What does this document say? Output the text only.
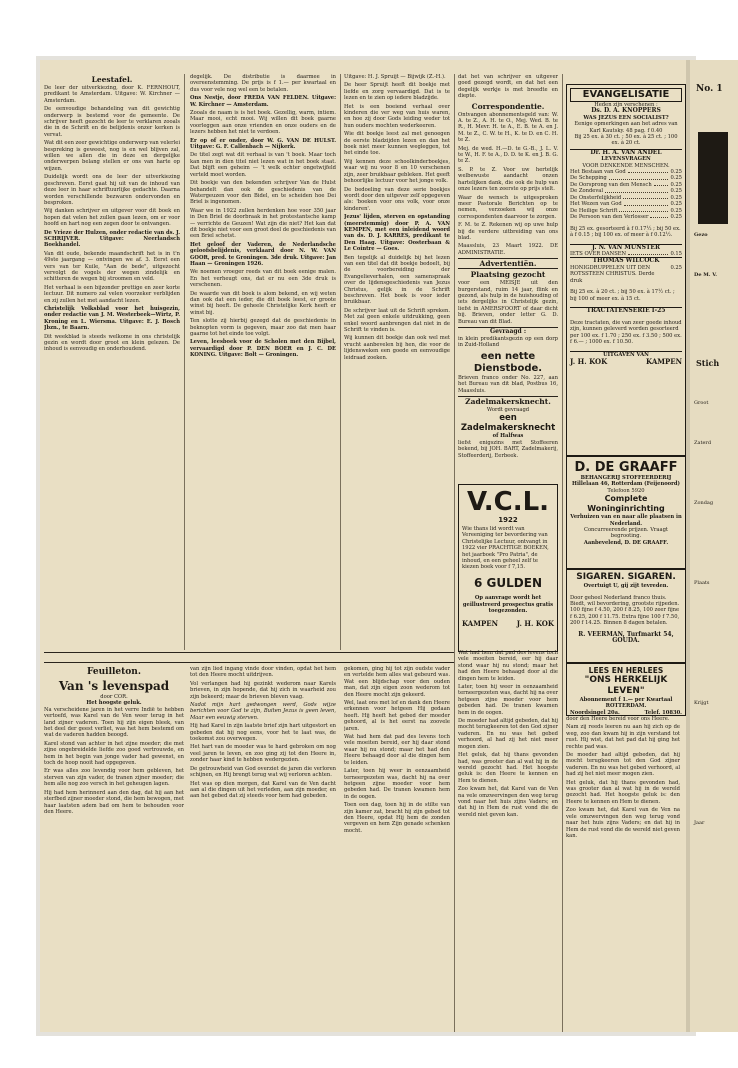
Leestafel.

De leer der uitverkiezing, door K. FERNHOUT, predikant te Amsterdam. Uitgave: W. Kirchner — Amsterdam.

De eenvoudige behandeling van dit gewichtig onderwerp is bestemd voor de gemeente. De schrijver heeft gezocht de leer te verklaren zooals die in de Schrift en de belijdenis onzer kerken is vervat.

Wat dit een zeer gewichtige onderwerp van velerlei bespreking is geweest, nog is en wel blijven zal, willen we allen die in deze en dergelijke onderwerpen belang stellen er ons van harte op wijzen.

Duidelijk wordt ons de leer der uitverkiezing geschreven. Eerst gaat hij uit van de inhoud van deze leer in haar schriftuurlijke gedachte. Daarna worden verschillende bezwaren ondervonden en besproken.

Wij danken schrijver en uitgever voor dit boek en hopen dat velen het zullen gaan lezen, om er voor hoofd en hart nog een zegen door te ontvangen.

De Vrieze der Hulzen, onder redactie van ds. J. SCHRIJVER. Uitgave: Neerlandsch Boekhandel.

Van dit oude, bekende maandschrift het is in t'n 49ste jaargang — ontvingen we af. 3. Eerst een vers van ter Kuile, "Aan de bede", uitgezocht vervolgt de vogels der wegen zindelijk en schitteren de wegen bij stroomen en veld.

Het verhaal is een bijzonder prettige en zeer korte lectuur. Dit numero zal velen voorzeker verblijden en zij zullen het met aandacht lezen.

Christelijk Volksblad voor het huisgezin, onder redactie van J. M. Westerbeek—Wirtz, P. Kroning en L. Wiersma. Uitgave: E. J. Bosch Jbzn., te Baarn.

Dit weekblad is steeds welkome in ons christelijk gezin en wordt door groot en klein gelezen. De inhoud is eenvoudig en onderhoudend.

degelijk. De distributie is daarmee in overeenstemming. De prijs is f 1.— per kwartaal en dus voor vele nog wel een te betalen.

Ons Nestje, door FREDA VAN FELDEN. Uitgave: W. Kirchner — Amsterdam.

Zooals de naam is is het boek. Gezellig, warm, intiem. Maar mooi, echt mooi. Wij willen dit boek gaarne voorleggen aan onze vrienden en onze ouders en de lezers hebben het niet te verdoen.

Er op of er onder, door W. G. VAN DE HULST. Uitgave: G. F. Callenbach — Nijkerk.

De titel zegt wat dit verhaal is van 't boek. Maar toch kan men in dien titel niet lezen wat in het boek staat. Dat blijft een geheim — 't welk echter ongetwijfeld verteld moet worden.

Dit boekje van den bekenden schrijver Van de Hulst behandelt dan ook de geschiedenis van de Watergeuzen voor den Bidel, en te scheiden hoe Dei Briel is ingenomen.

Waar we in 1922 zullen herdenken hoe voor 350 jaar in Den Briel de doorbraak in het protestantsche kamp — verrichte de Geuzen! Wat zijn die niet? Het kan dat dit boekje niet voor een groot deel de geschiedenis van een Briel schetst.

Het geloof der Vaderen, de Nederlandsche geloofsbelijdenis, verklaard door N. W. VAN GOOR, pred. te Groningen. 3de druk. Uitgave: Jan Haan — Groningen 1926.

We noemen vroeger reeds van dit boek eenige malen. En het verheugt ons, dat er nu een 3de druk is verschenen.

De waarde van dit boek is alom bekend, en wij weten dan ook dat een ieder, die dit boek leest, er groote winst bij heeft. De geheele Christelijke Kerk heeft er winst bij.

Ten slotte zij hierbij gezegd dat de geschiedenis in beknopten vorm is gegeven, maar zoo dat men haar gaarne tot het einde toe volgt.

Leven, leesboek voor de Scholen met den Bijbel, vervaardigd door P. DEN BOER en J. C. DE KONING. Uitgave: Bolt — Groningen.

Uitgave: H. J. Spruijt — Bijwijk (Z.-H.).

De heer Spruijt heeft dit boekje met liefde en zorg vervaardigd. Dat is te lezen en te zien op iedere bladzijde.

Het is een boeiend verhaal over kinderen die ver weg van huis waren, en hoe zij door Gods leiding weder tot hun ouders mochten wederkeeren.

Wie dit boekje leest zal met genoegen de eerste bladzijden lezen en dan het boek niet meer kunnen wegleggen, tot het einde toe.

Wij kennen deze schoolkinderboekjes, waar wij nu voor 8 en 10 verschenen zijn, zeer bruikbaar gebleken. Het geeft behoorlijke lectuur voor het jonge volk.

De bedoeling van deze serie boekjes wordt door den uitgever zelf opgegeven als: 'boeken voor ons volk, voor onze kinderen'.

Jezus' lijden, sterven en opstanding (meerstemmig) door P. A. VAN KEMPEN, met een inleidend woord van ds. D. J. KARRES, predikant te Den Haag. Uitgave: Oosterbaan & Le Cointre — Goes.

Ben tegelijk al duidelijk bij het lezen van een titel dat dit boekje bedoelt, bij de voorbereiding der Evangelieverhalen, een samenspraak over de lijdensgeschiedenis van Jezus Christus, gelijk in de Schrift beschreven. Het boek is voor ieder bruikbaar.

De schrijver laat uit de Schrift spreken. Met zal geen enkele uitdrukking, geen enkel woord aanbrengen dat niet in de Schrift te vinden is.

Wij kunnen dit boekje dan ook wel met vrucht aanbevelen bij hen, die voor de lijdensweken een goede en eenvoudige leidraad zoeken.

dat het van schrijver en uitgever goed gezegd wordt, en dat het een degelijk werkje is met breedte en diepte.

Correspondentie.

Ontvangen abonnementsgeld van: W. A. te Z., A. H. te O., Mej. Wed. B. te R., H. Mevr. H. te A., E. B. te A. en J. M. te Z., C. W. te H., K. te D. en C. H. te Z.

Mej. de wed. H.—D. te G.-B., J. L. V. te W., H. F. te A., D. D. te K. en J. B. G. te Z.

S. P. te Z. Voor uw hertelijk welbewuste aandacht onzen hartelijken dank, die ook de hulp van onze lezers ten zeerste op prijs stelt.

Waar de wensch is uitgesproken meer Pastorale Berichten op te nemen, verzoeken wij onze correspondenten daarvoor te zorgen.

F. M. te Z. Rekenen wij op uwe hulp bij de verdere uitbreiding van ons blad.

Maassluis, 23 Maart 1922. DE ADMINISTRATIE.

Advertentiën.
Plaatsing gezocht

voor een MEISJE uit den burgerstand, ruim 14 jaar, flink en gezond, als hulp in de huishouding of iets dergelijks in Christelijk gezin, liefst in AMERSFOORT of daar dicht bij. Brieven, onder letter G. D. Bureau van dit Blad.

Gevraagd :

in klein predikantsgezin op een dorp in Zuid-Holland

een nette Dienstbode.

Brieven franco onder No. 227, aan het Bureau van dit blad, Postbus 16, Maassluis.

Zadelmakersknecht.
Wordt gevraagd
een Zadelmakersknecht
of Halfwas

liefst enigszins met Stoffeeren bekend, bij JOH. BART, Zadelmakerij, Stoffeerderij, Eerbeek.

V.C.L.
1922

Wie thans lid wordt van Vereeniging ter bevordering van Christelijke Lectuur, ontvangt in 1922 vier PRACHTIGE BOEKEN, het jaarboek "Pro Patria", de inhoud, en een geheel zelf te kiezen boek voor f 7,15.

6 GULDEN

Op aanvrage wordt het geillustreerd prospectus gratis toegezonden.

KAMPEN	J. H. KOK
EVANGELISATIE
Heden zijn verschenen :
Ds. D. A. KNOPPERS
WAS JEZUS EEN SOCIALIST?
Eenige opmerkingen aan het adres van Karl Kautsky. 48 pag. f 0.40
Bij 25 ex. à 30 ct. ; 50 ex. à 25 ct. ; 100 ex. à 20 ct.
Dr. H. A. VAN ANDEL
LEVENSVRAGEN
VOOR DENKENDE MENSCHEN.
Het Bestaan van God	0.25
De Schepping	0.25
De Oorsprong van den Mensch	0.25
De Zondeval	0.25
De Onsterfelijkheid	0.25
Het Wezen van God	0.25
De Heilige Schrift	0.25
De Persoon van den Verlosser	0.25

Bij 25 ex. gesorteerd à f 0.17½ ; bij 50 ex. à f 0.15 ; bij 100 ex. of meer à f 0.12½.

J. N. VAN MUNSTER
IETS OVER DANSEN	0.15
THOMAS WILCOCK
HONIGDRUPPELEN UIT DEN ROTSSTEEN CHRISTUS. Derde druk
0.25

Bij 25 ex. à 20 ct. ; bij 50 ex. à 17½ ct. ; bij 100 of meer ex. à 15 ct.

TRACTATENSERIE I-25

Deze tractaten, die van zeer goede inhoud zijn, kunnen geleverd worden gesorteerd per 100 ex. f 1.70 ; 250 ex. f 3.50 ; 500 ex. f 6.— ; 1000 ex. f 10.50.

UITGAVEN VAN
J. H. KOK	KAMPEN
D. DE GRAAFF
BEHANGERIJ STOFFEERDERIJ
Hillelaan 46, Rotterdam (Feijenoord)
Telefoon 5920
Complete Woninginrichting
Verhuizen van en naar alle plaatsen in Nederland.
Concurreerende prijzen. Vraagt begrooting.
Aanbevelend, D. DE GRAAFF.
SIGAREN. SIGAREN.
Overtuigt U, gij zijt tevreden.

Door geheel Nederland franco thuis. Biedt, wil bevordering, grootste rijpeden. 100 fijne f 4.50, 200 f 8.25, 100 zeer fijne f 6.25, 200 f 11.75. Extra fijne 100 f 7.50, 200 f 14.25. Binnen 8 dagen betalen.

R. VEERMAN, Turfmarkt 54, GOUDA.
LEES EN HERLEES
"ONS HERKELIJK LEVEN"
Abonnement f 1.— per Kwartaal
ROTTERDAM.
Noordsingel 20a.	Telef. 10830.
Feuilleton.
Van 's levenspad
door COR.
Het hoogste geluk.

Na verscheidene jaren in het verre Indië te hebben vertoefd, was Karel van de Ven weer terug in het land zijner vaderen. Toen hij zijn eigen bleek, van het deel der geest verliet, was het hem bestemd om wat de vaderen hadden beoogd.

Karel stond van achter in het zijne moeder; die met zijne ongebreidelde liefde zoo goed vertrouwde, en hem in het begin van jonge vader had gewenst, en toch de hoop nooit had opgegeven.

Er was alles zoo levendig voor hem gebleven, het sterven van zijn vader, de tranen zijner moeder; die hem alle nog zoo versch in het geheugen lagen.

Hij had hem herinnerd aan den dag, dat hij aan het sterfbed zijner moeder stond, die hem bewogen, met haar laatsten adem bad om hem te behouden voor den Heere.

van zijn lied ingang vinde door vinden, opdat het hem tot den Heere mocht uitdrijven.

Vol verlangen had hij gezinkt wederom naar Karels brieven, in zijn hopende, dat hij zich in waarheid zou zijn bekeerd; maar de brieven bleven vaag.

Nadat mijn hart gedwongen werd, Gods wijze berichten voor God te zijn, Buiten Jezus is geen leven, Maar een eeuwig sterven.

Hij had Karel in zijn laatste brief zijn hart uitgestort en gebeden dat hij nog eens, voor het te laat was, de toekomst zou overwegen.

Het hart van de moeder was te hard gebroken om nog veel jaren te leven, en zoo ging zij tot den Heere in, zonder haar kind te hebben wedergezien.

De getrouwheid van God overziet de jaren die verloren schijnen, en Hij brengt terug wat wij verloren achten.

Het was op dien morgen, dat Karel van de Ven dacht aan al die dingen uit het verleden, aan zijn moeder, en aan het gebed dat zij steeds voor hem had gebeden.

gekomen, ging hij tot zijn oudste vader en vertelde hem alles wat gebeurd was. Wat een blijdschap voor den ouden man, dat zijn eigen zoon wederom tot den Heere mocht zijn gekeerd.

Wel, laat ons met lof en dank den Heere erkennen voor hetgeen Hij gedaan heeft. Hij heeft het gebed der moeder gehoord, al is het eerst na zoovele jaren.

Wat had hem dat pad des levens toch vele moeiten bereid, eer hij daar stond waar hij nu stond; maar het had den Heere behaagd door al die dingen hem te leiden.

Later, toen hij weer in eenzaamheid terneergezeten was, dacht hij na over hetgeen zijne moeder voor hem gebeden had. De tranen kwamen hem in de oogen.

Toen een dag, toen hij in de stilte van zijn kamer zat, bracht hij zijn gebed tot den Heere, opdat Hij hem de zonden vergeven en hem Zijn genade schenken mocht.

door den Heere bereid voor ons Heere.

Nam zij reeds leeren nu aan hij zich op de weg, zoo dan kwam hij in zijn verstand tot rust. Hij wist, dat het pad dat hij ging het rechte pad was.

De moeder had altijd gebeden, dat hij mocht terugkeeren tot den God zijner vaderen. En nu was het gebed verhoord, al had zij het niet meer mogen zien.

Het geluk, dat hij thans gevonden had, was grooter dan al wat hij in de wereld gezocht had. Het hoogste geluk is: den Heere te kennen en Hem te dienen.

Zoo kwam het, dat Karel van de Ven na vele omzwervingen den weg terug vond naar het huis zijns Vaders; en dat hij in Hem de rust vond die de wereld niet geven kan.

Wat had hem dat pad des levens toch vele moeiten bereid, eer hij daar stond waar hij nu stond; maar het had den Heere behaagd door al die dingen hem te leiden.

Later, toen hij weer in eenzaamheid terneergezeten was, dacht hij na over hetgeen zijne moeder voor hem gebeden had. De tranen kwamen hem in de oogen.

De moeder had altijd gebeden, dat hij mocht terugkeeren tot den God zijner vaderen. En nu was het gebed verhoord, al had zij het niet meer mogen zien.

Het geluk, dat hij thans gevonden had, was grooter dan al wat hij in de wereld gezocht had. Het hoogste geluk is: den Heere te kennen en Hem te dienen.

Zoo kwam het, dat Karel van de Ven na vele omzwervingen den weg terug vond naar het huis zijns Vaders; en dat hij in Hem de rust vond die de wereld niet geven kan.

No. 1
Gezo
De M. V.
Stich
Groot
Zaterd
Zondag
Plaats
Krijgt
Jaar
